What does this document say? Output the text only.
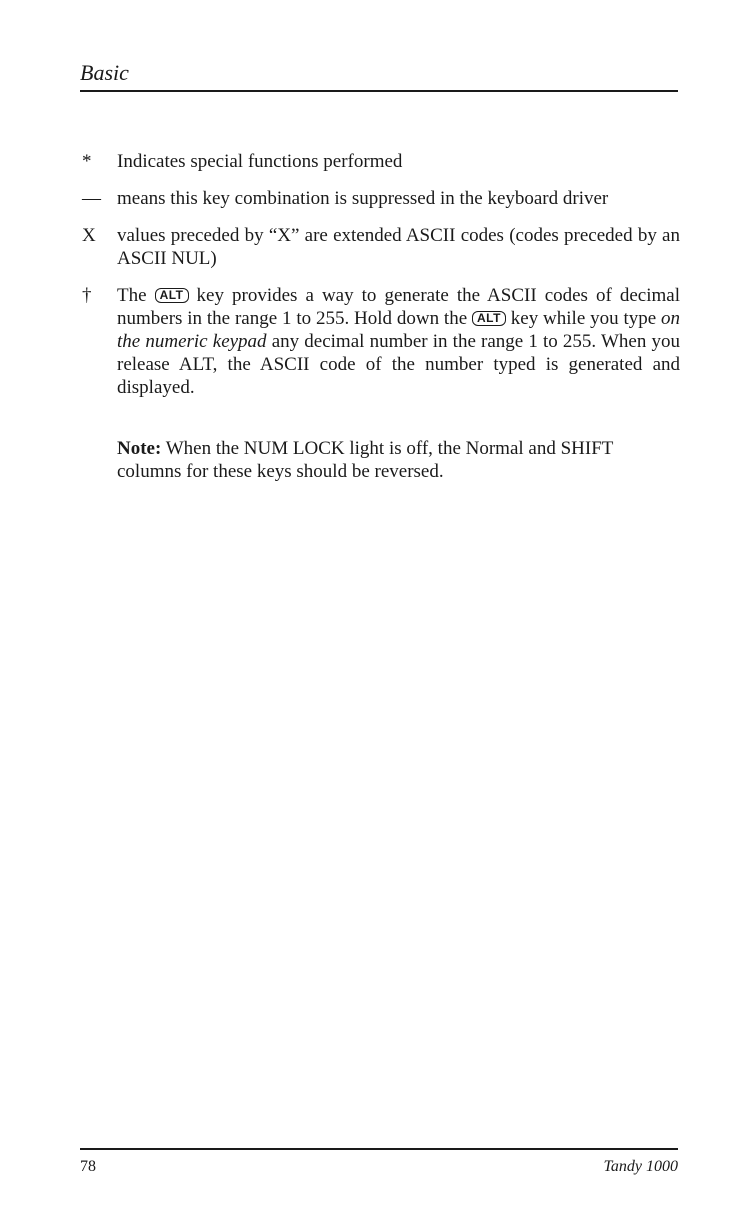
Basic
*	Indicates special functions performed
— means this key combination is suppressed in the keyboard driver
X	values preceded by “X” are extended ASCII codes (codes preceded by an ASCII NUL)
†	The ALT key provides a way to generate the ASCII codes of decimal numbers in the range 1 to 255. Hold down the ALT key while you type on the numeric keypad any decimal number in the range 1 to 255. When you release ALT, the ASCII code of the number typed is generated and displayed.
Note: When the NUM LOCK light is off, the Normal and SHIFT columns for these keys should be reversed.
78	Tandy 1000
